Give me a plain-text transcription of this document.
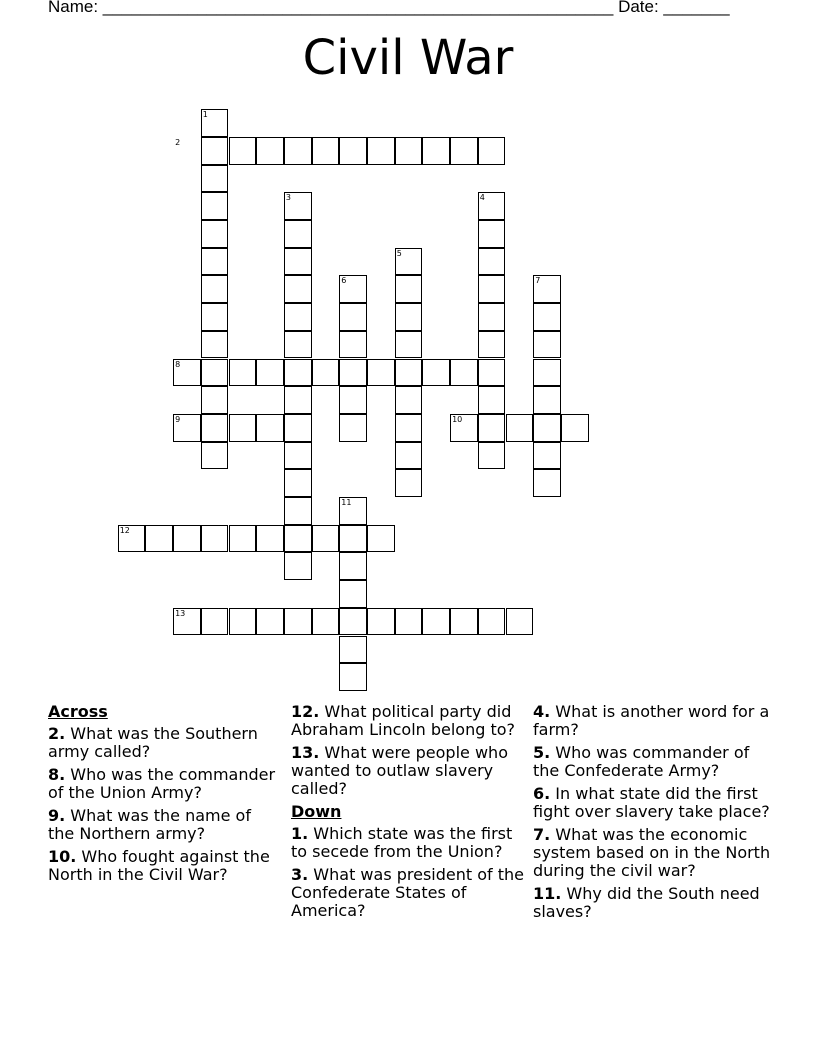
Name: ______________________________________________________ Date: _______
Civil War
1
2
3	4
5
6	7
8
9	10
11
12
13
Across
2. What was the Southern army called?
8. Who was the commander of the Union Army?
9. What was the name of the Northern army?
10. Who fought against the North in the Civil War?
12. What political party did Abraham Lincoln belong to?
13. What were people who wanted to outlaw slavery called?
Down
1. Which state was the first to secede from the Union?
3. What was president of the Confederate States of America?
4. What is another word for a farm?
5. Who was commander of the Confederate Army?
6. In what state did the first fight over slavery take place?
7. What was the economic system based on in the North during the civil war?
11. Why did the South need slaves?
